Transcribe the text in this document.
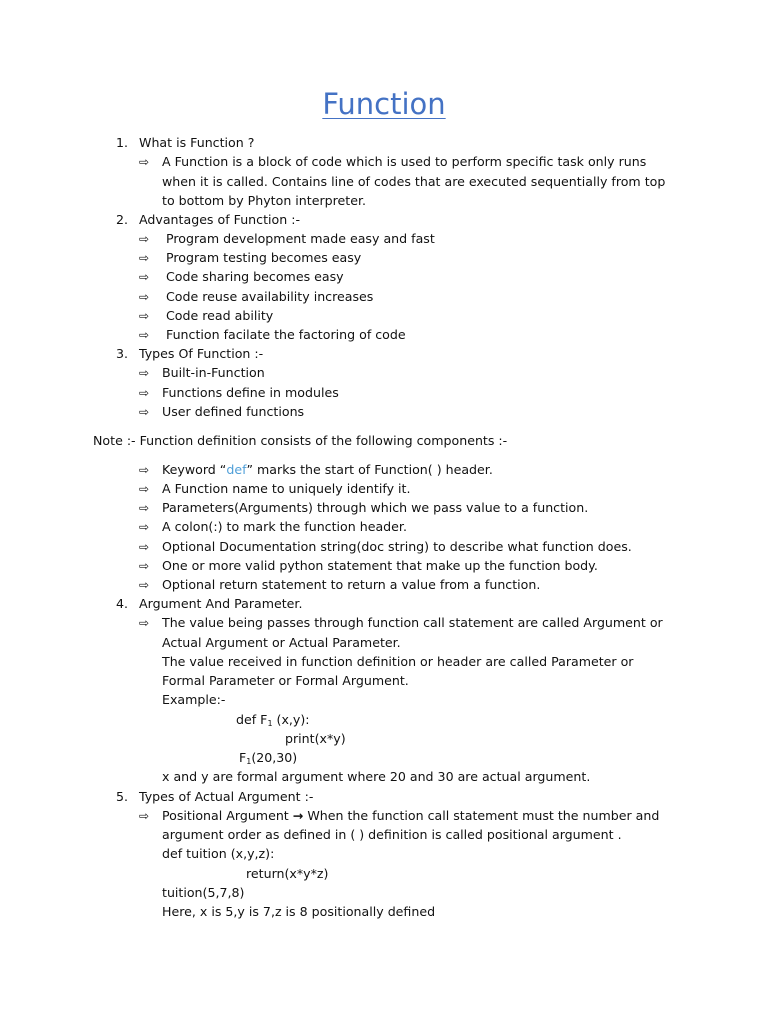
Function
1. What is Function ?
⇨ A Function is a block of code which is used to perform specific task only runs
when it is called. Contains line of codes that are executed sequentially from top
to bottom by Phyton interpreter.
2. Advantages of Function :-
⇨ Program development made easy and fast
⇨ Program testing becomes easy
⇨ Code sharing becomes easy
⇨ Code reuse availability increases
⇨ Code read ability
⇨ Function facilate the factoring of code
3. Types Of Function :-
⇨ Built-in-Function
⇨ Functions define in modules
⇨ User defined functions
Note :- Function definition consists of the following components :-
⇨ Keyword “def” marks the start of Function( ) header.
⇨ A Function name to uniquely identify it.
⇨ Parameters(Arguments) through which we pass value to a function.
⇨ A colon(:) to mark the function header.
⇨ Optional Documentation string(doc string) to describe what function does.
⇨ One or more valid python statement that make up the function body.
⇨ Optional return statement to return a value from a function.
4. Argument And Parameter.
⇨ The value being passes through function call statement are called Argument or
Actual Argument or Actual Parameter.
The value received in function definition or header are called Parameter or
Formal Parameter or Formal Argument.
Example:-
def $F_1$ (x,y):
print(x*y)
$F_1(20,30)$
x and y are formal argument where 20 and 30 are actual argument.
5. Types of Actual Argument :-
⇨ Positional Argument → When the function call statement must the number and
argument order as defined in ( ) definition is called positional argument .
def tuition (x,y,z):
return(x*y*z)
tuition(5,7,8)
Here, x is 5,y is 7,z is 8 positionally defined
